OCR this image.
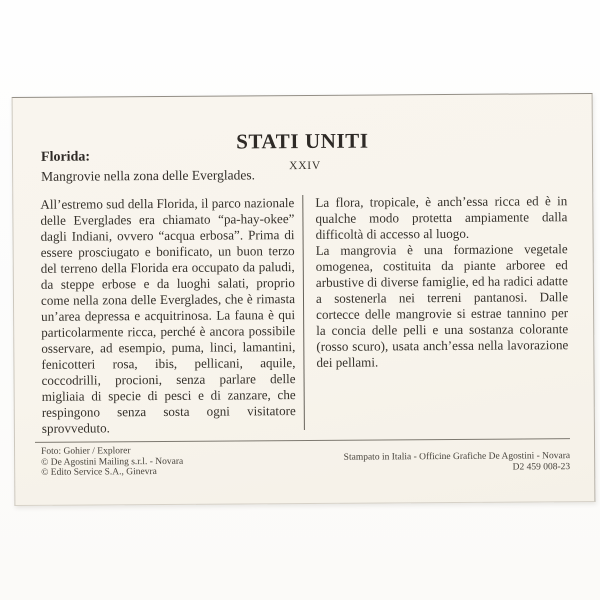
STATI UNITI
Florida:
XXIV
Mangrovie nella zona delle Everglades.
All’estremo sud della Florida, il parco nazionale delle Everglades era chiamato “pa-hay-okee” dagli Indiani, ovvero “acqua erbosa”. Prima di essere prosciugato e bonificato, un buon terzo del terreno della Florida era occupato da paludi, da steppe erbose e da luoghi salati, proprio come nella zona delle Everglades, che è rimasta un’area depressa e acquitrinosa. La fauna è qui particolarmente ricca, perché è ancora possibile osservare, ad esempio, puma, linci, lamantini, fenicotteri rosa, ibis, pellicani, aquile, coccodrilli, procioni, senza parlare delle migliaia di specie di pesci e di zanzare, che respingono senza sosta ogni visitatore sprovveduto.

La flora, tropicale, è anch’essa ricca ed è in qualche modo protetta ampiamente dalla difficoltà di accesso al luogo.

La mangrovia è una formazione vegetale omogenea, costituita da piante arboree ed arbustive di diverse famiglie, ed ha radici adatte a sostenerla nei terreni pantanosi. Dalle cortecce delle mangrovie si estrae tannino per la concia delle pelli e una sostanza colorante (rosso scuro), usata anch’essa nella lavorazione dei pellami.

Foto: Gohier / Explorer
© De Agostini Mailing s.r.l. - Novara
© Edito Service S.A., Ginevra
Stampato in Italia - Officine Grafiche De Agostini - Novara
D2 459 008-23
